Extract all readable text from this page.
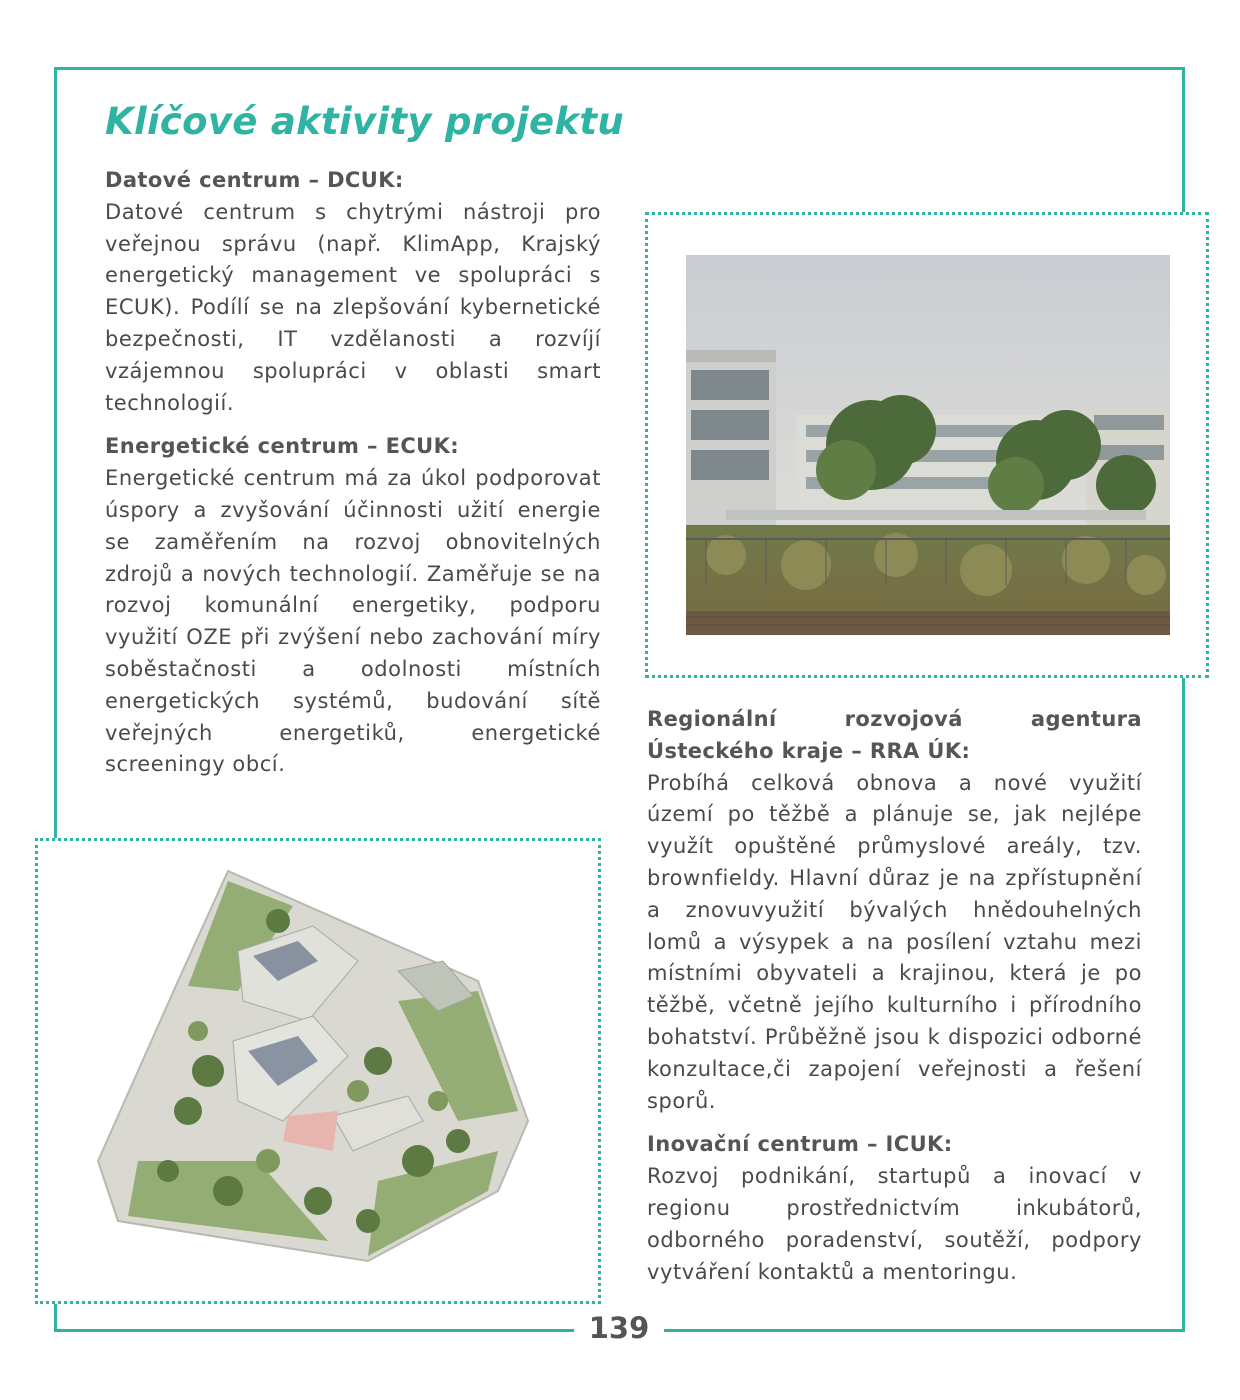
Klíčové aktivity projektu
Datové centrum – DCUK:

Datové centrum s chytrými nástroji pro veřejnou správu (např. KlimApp, Krajský energetický management ve spolupráci s ECUK). Podílí se na zlepšování kybernetické bezpečnosti, IT vzdělanosti a rozvíjí vzájemnou spolupráci v oblasti smart technologií.

Energetické centrum – ECUK:

Energetické centrum má za úkol podporovat úspory a zvyšování účinnosti užití energie se zaměřením na rozvoj obnovitelných zdrojů a nových technologií. Zaměřuje se na rozvoj komunální energetiky, podporu využití OZE při zvýšení nebo zachování míry soběstačnosti a odolnosti místních energetických systémů, budování sítě veřejných energetiků, energetické screeningy obcí.

Regionální rozvojová agentura Ústeckého kraje – RRA ÚK:

Probíhá celková obnova a nové využití území po těžbě a plánuje se, jak nejlépe využít opuštěné průmyslové areály, tzv. brownfieldy. Hlavní důraz je na zpřístupnění a znovuvyužití bývalých hnědouhelných lomů a výsypek a na posílení vztahu mezi místními obyvateli a krajinou, která je po těžbě, včetně jejího kulturního i přírodního bohatství. Průběžně jsou k dispozici odborné konzultace,či zapojení veřejnosti a řešení sporů.

Inovační centrum – ICUK:

Rozvoj podnikání, startupů a inovací v regionu prostřednictvím inkubátorů, odborného poradenství, soutěží, podpory vytváření kontaktů a mentoringu.

139
